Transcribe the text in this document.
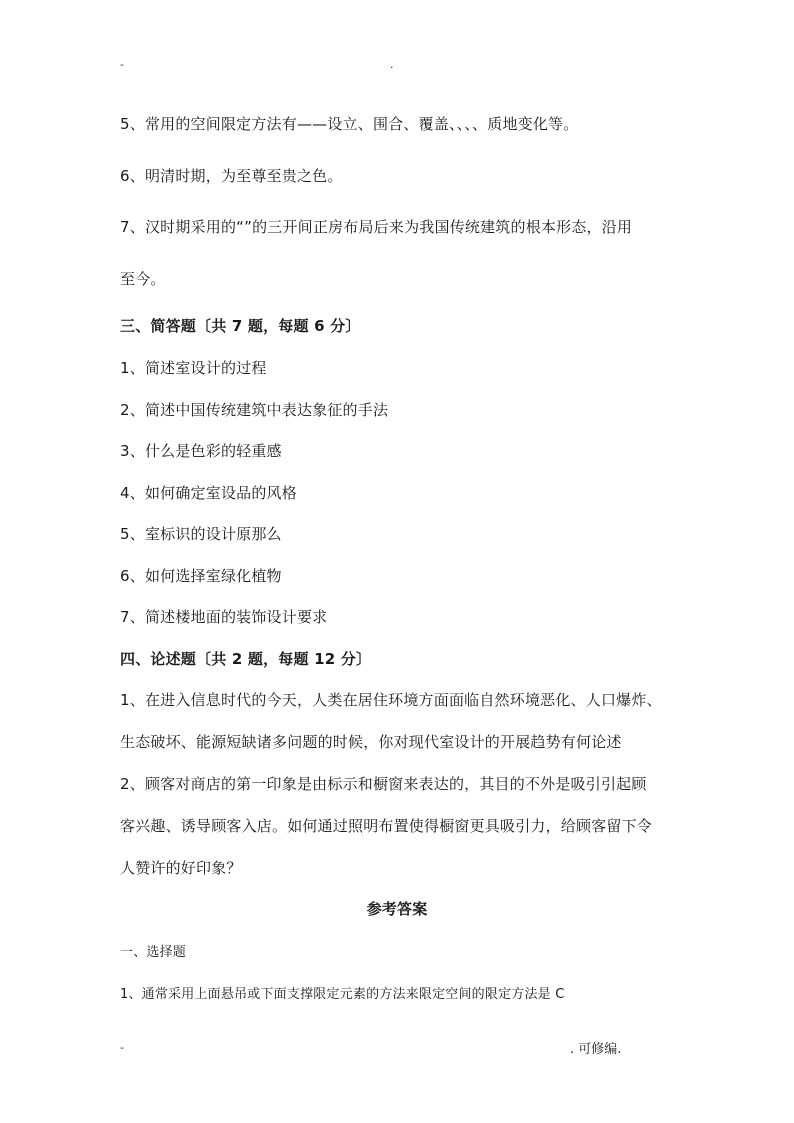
-	.
5、常用的空间限定方法有——设立、围合、覆盖、、、、质地变化等。
6、明清时期，为至尊至贵之色。
7、汉时期采用的“”的三开间正房布局后来为我国传统建筑的根本形态，沿用
至今。
三、简答题〔共 7 题，每题 6 分〕
1、简述室设计的过程
2、简述中国传统建筑中表达象征的手法
3、什么是色彩的轻重感
4、如何确定室设品的风格
5、室标识的设计原那么
6、如何选择室绿化植物
7、简述楼地面的装饰设计要求
四、论述题〔共 2 题，每题 12 分〕
1、在进入信息时代的今天，人类在居住环境方面面临自然环境恶化、人口爆炸、
生态破坏、能源短缺诸多问题的时候，你对现代室设计的开展趋势有何论述
2、顾客对商店的第一印象是由标示和橱窗来表达的，其目的不外是吸引引起顾
客兴趣、诱导顾客入店。如何通过照明布置使得橱窗更具吸引力，给顾客留下令
人赞许的好印象？
参考答案
一、选择题
1、通常采用上面悬吊或下面支撑限定元素的方法来限定空间的限定方法是 C
-	. 可修编.
